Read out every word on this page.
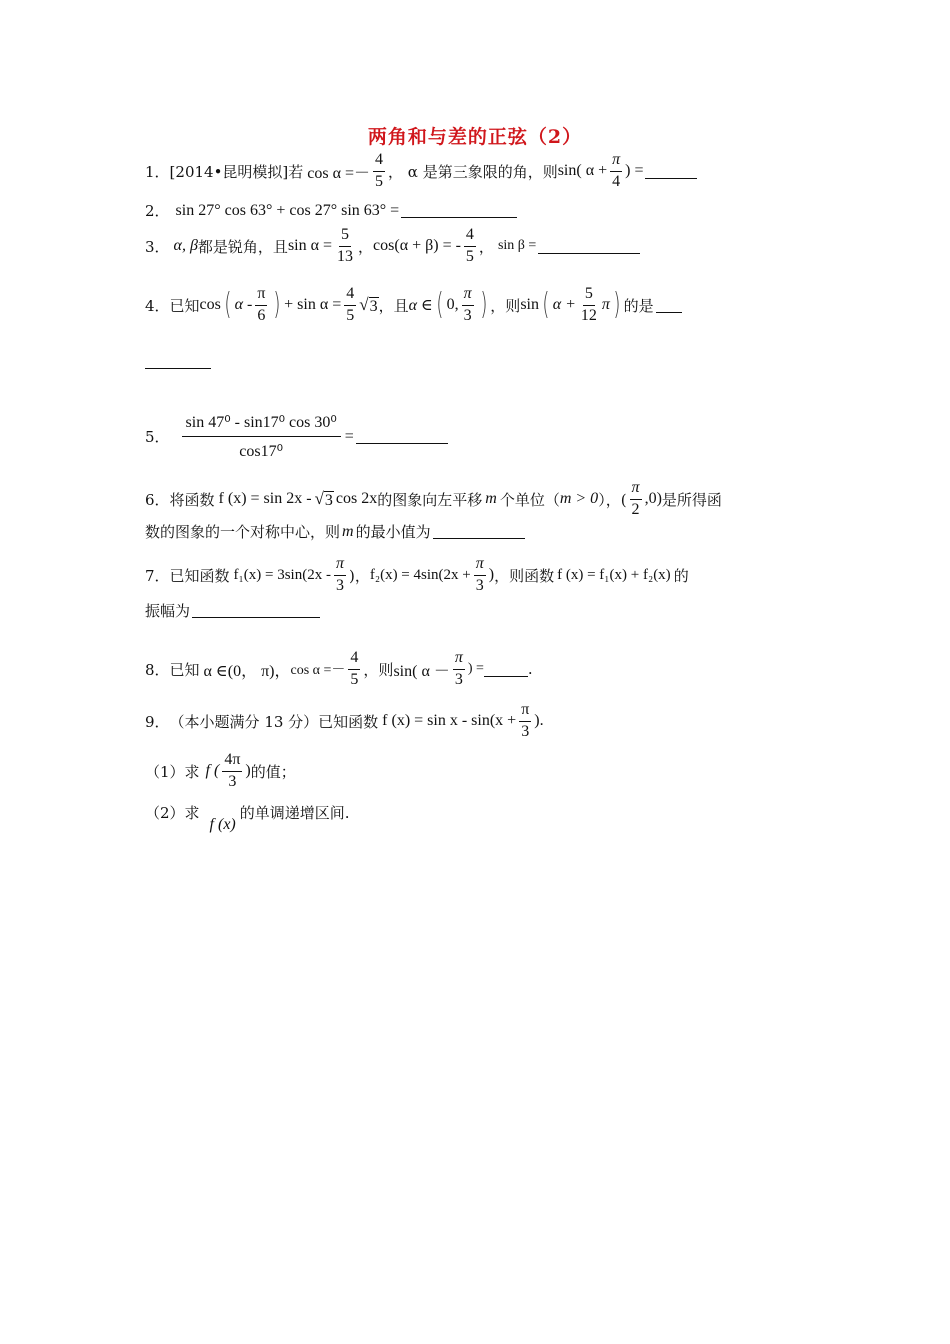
两角和与差的正弦（2）
1． [2014•昆明模拟]若 $\cos \alpha =- \frac{4}{5}$ ， α 是第三象限的角，则 sin( $\alpha + \frac{\pi}{4}$ ) =
2． sin 27° cos 63° + cos 27° sin 63° =
3． α, β 都是锐角，且 $\sin \alpha = \frac{5}{13}$ ， cos(α + β) = - $\frac{4}{5}$ ， sin β =
4．已知 cos ( α - $\frac{\pi}{6}$ ) + $\sin \alpha = \frac{4}{5}$ √ 3 ，且 α ∈ ( 0, $\frac{\pi}{3}$ ) ，则 sin ( $\alpha + \frac{5}{12}$ π ) 的是
5． $\frac{\text{sin 47⁰ - sin17⁰ cos 30⁰}}{\text{cos17⁰}}$ =
6．将函数 f (x) = sin 2x - √ 3 cos 2x 的图象向左平移 m 个单位（ m > 0 ），( $\frac{\pi}{2} ,0$) 是所得函
数的图象的一个对称中心，则 m 的最小值为
7．已知函数 $f_1(x) = 3\sin(2x - \frac{\pi}{3}$ )， $f_2(x) = 4\sin(2x + \frac{\pi}{3}$ ) ，则函数 f (x) = f₁(x) + f₂(x) 的
振幅为
8．已知 α ∈(0， π)， $\cos \alpha =- \frac{4}{5}$ ，则 sin( $\alpha - \frac{\pi}{3}$ ) =	.
9． （本小题满分 13 分）已知函数 f $(x) = \sin x - \sin(x + \frac{\pi}{3}$ ).
（1）求 f ( $\frac{4\pi}{3}$ ) 的值；
（2）求
f (x)
的单调递增区间.
